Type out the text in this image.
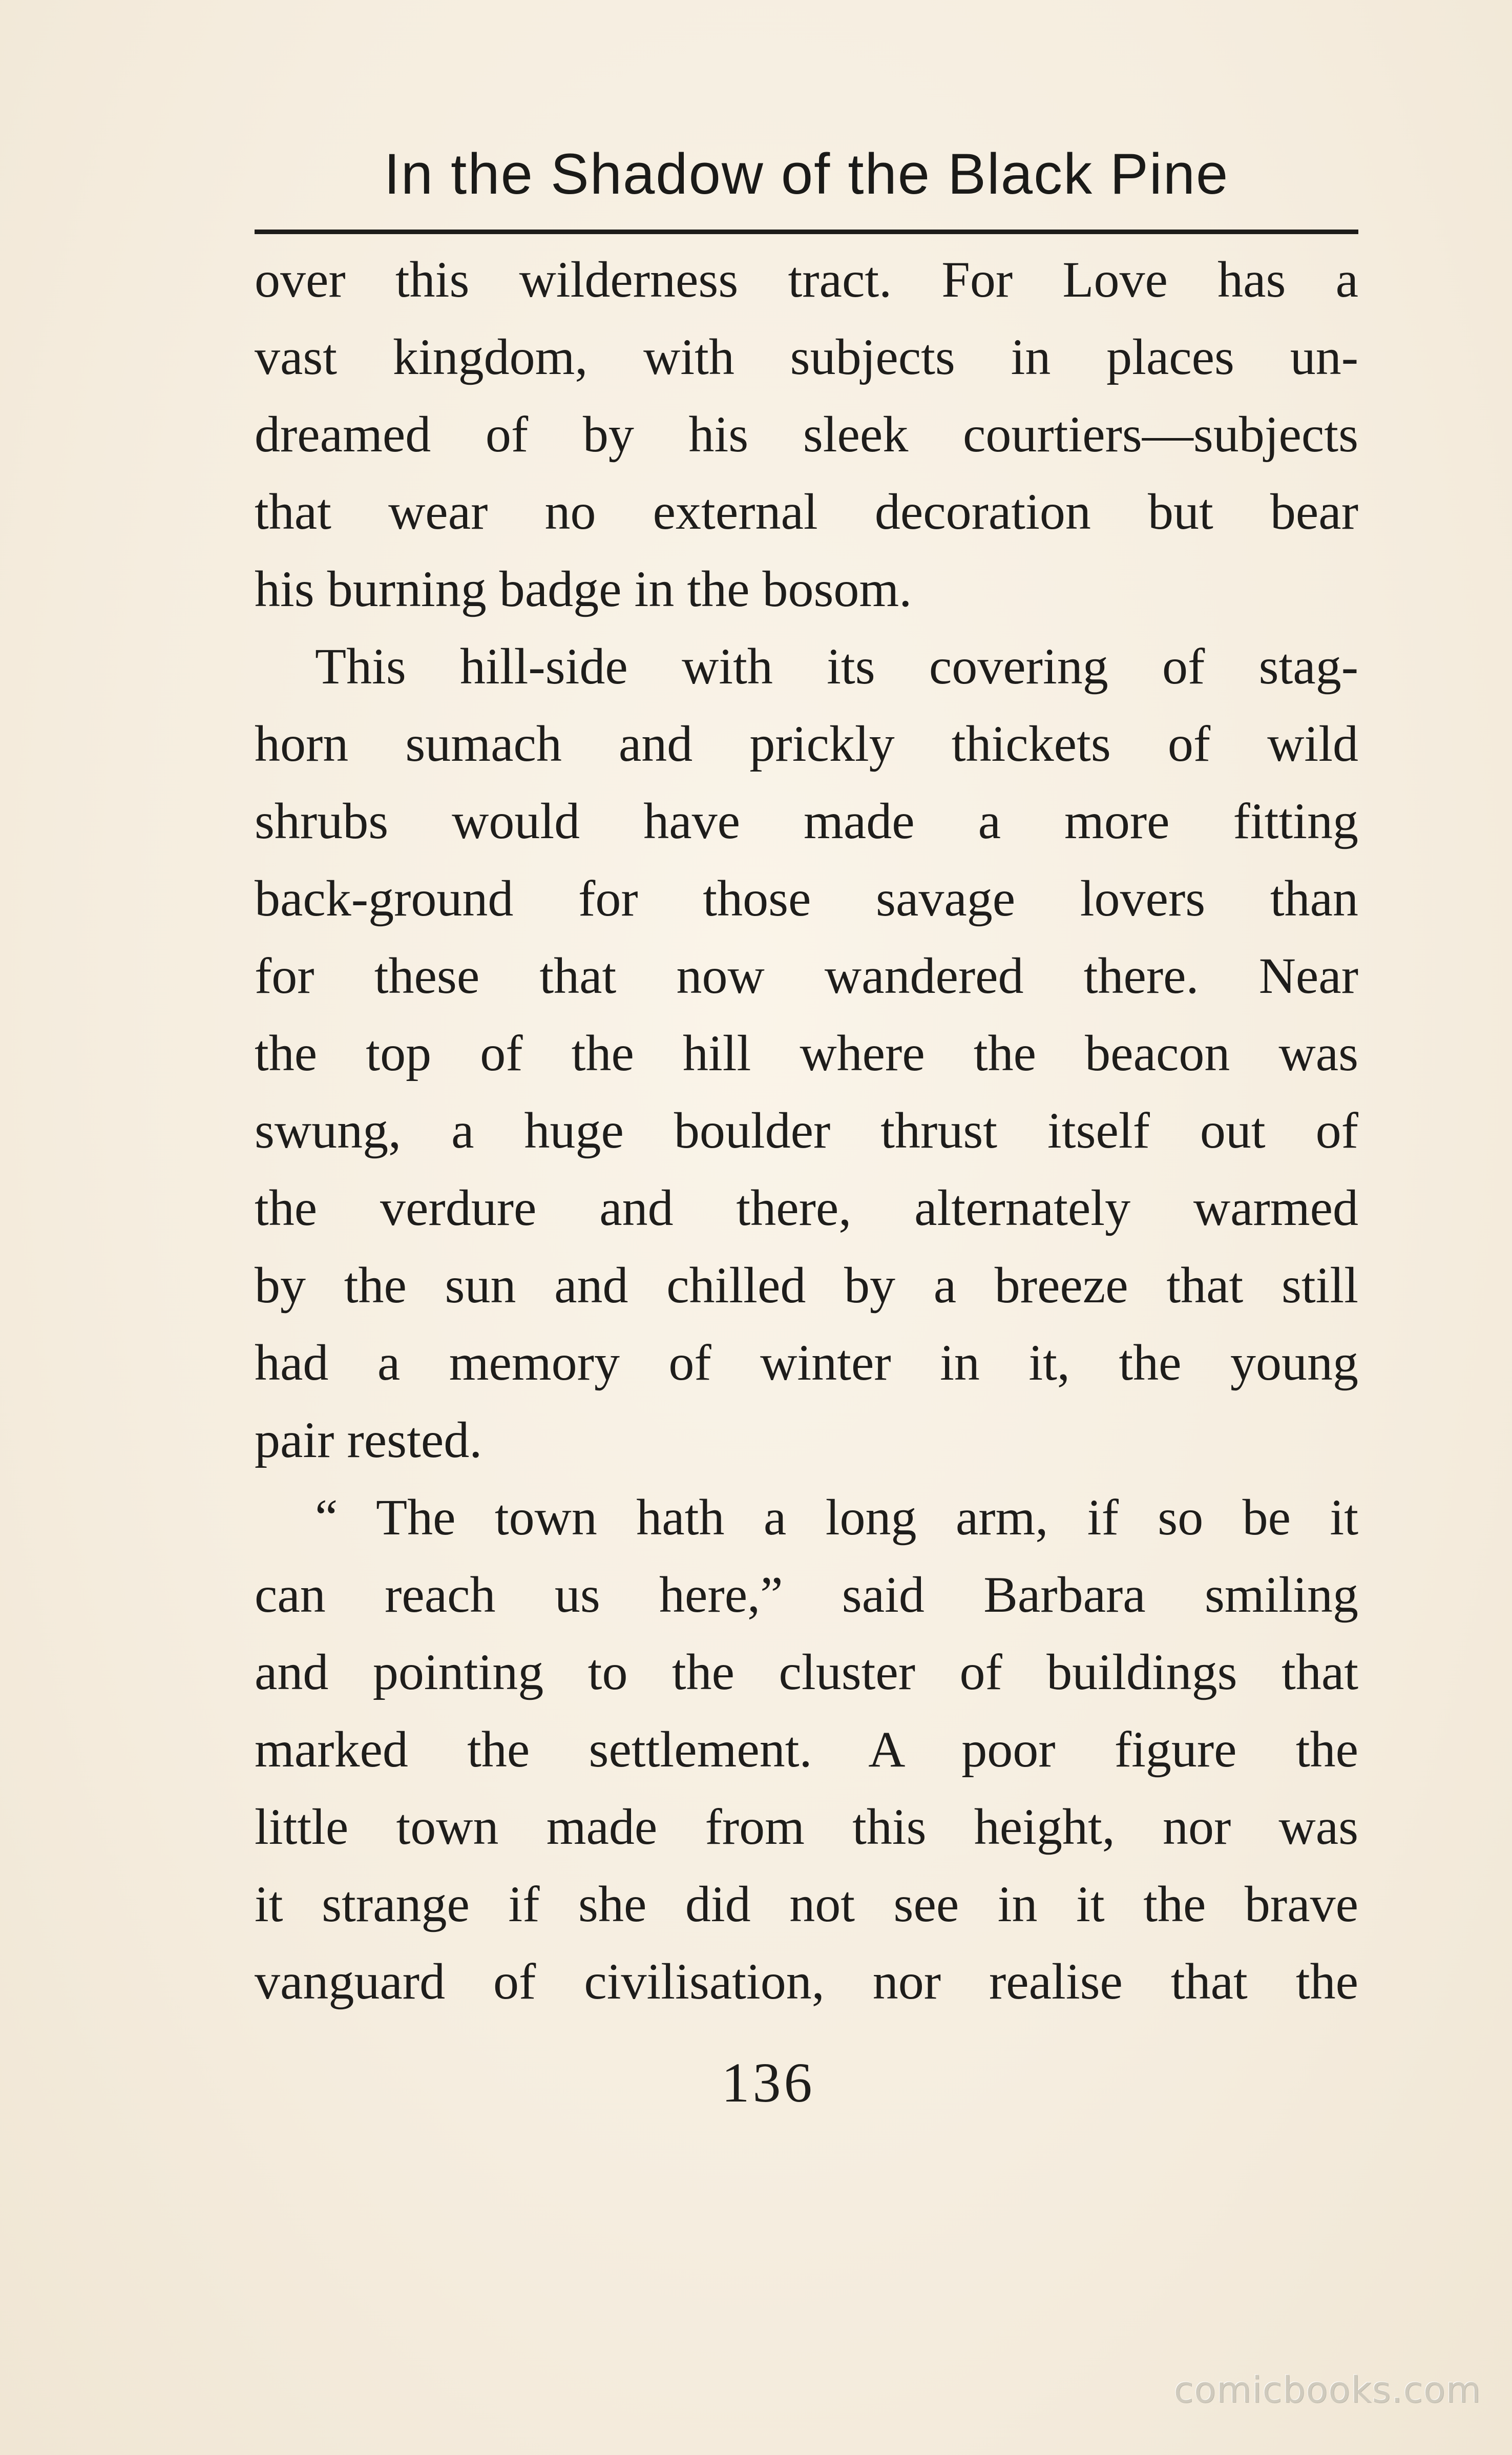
In the Shadow of the Black Pine
over this wilderness tract. For Love has a
vast kingdom, with subjects in places un-
dreamed of by his sleek courtiers—subjects
that wear no external decoration but bear
his burning badge in the bosom.
This hill-side with its covering of stag-
horn sumach and prickly thickets of wild
shrubs would have made a more fitting
back-ground for those savage lovers than
for these that now wandered there. Near
the top of the hill where the beacon was
swung, a huge boulder thrust itself out of
the verdure and there, alternately warmed
by the sun and chilled by a breeze that still
had a memory of winter in it, the young
pair rested.
“ The town hath a long arm, if so be it
can reach us here,” said Barbara smiling
and pointing to the cluster of buildings that
marked the settlement. A poor figure the
little town made from this height, nor was
it strange if she did not see in it the brave
vanguard of civilisation, nor realise that the
136
comicbooks.com
